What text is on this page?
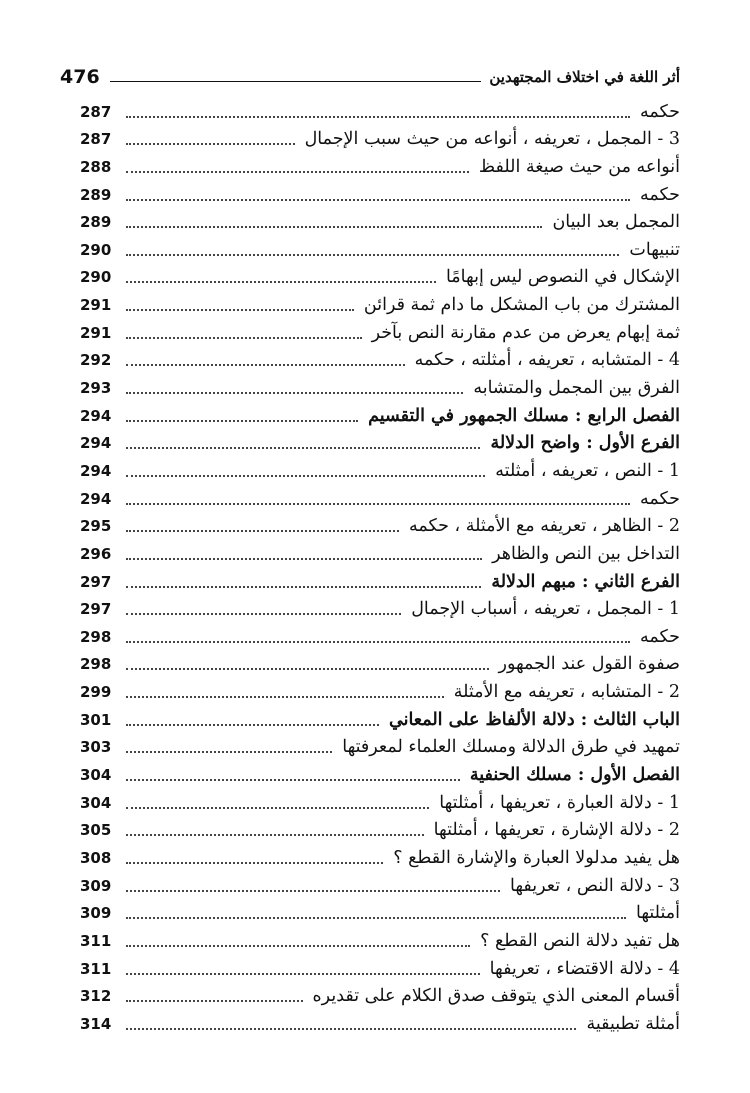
476	أثر اللغة في اختلاف المجتهدين
حكمه
287
3 - المجمل ، تعريفه ، أنواعه من حيث سبب الإجمال
287
أنواعه من حيث صيغة اللفظ
288
حكمه
289
المجمل بعد البيان
289
تنبيهات
290
الإشكال في النصوص ليس إبهامًا
290
المشترك من باب المشكل ما دام ثمة قرائن
291
ثمة إبهام يعرض من عدم مقارنة النص بآخر
291
4 - المتشابه ، تعريفه ، أمثلته ، حكمه
292
الفرق بين المجمل والمتشابه
293
الفصل الرابع : مسلك الجمهور في التقسيم
294
الفرع الأول : واضح الدلالة
294
1 - النص ، تعريفه ، أمثلته
294
حكمه
294
2 - الظاهر ، تعريفه مع الأمثلة ، حكمه
295
التداخل بين النص والظاهر
296
الفرع الثاني : مبهم الدلالة
297
1 - المجمل ، تعريفه ، أسباب الإجمال
297
حكمه
298
صفوة القول عند الجمهور
298
2 - المتشابه ، تعريفه مع الأمثلة
299
الباب الثالث : دلالة الألفاظ على المعاني
301
تمهيد في طرق الدلالة ومسلك العلماء لمعرفتها
303
الفصل الأول : مسلك الحنفية
304
1 - دلالة العبارة ، تعريفها ، أمثلتها
304
2 - دلالة الإشارة ، تعريفها ، أمثلتها
305
هل يفيد مدلولا العبارة والإشارة القطع ؟
308
3 - دلالة النص ، تعريفها
309
أمثلتها
309
هل تفيد دلالة النص القطع ؟
311
4 - دلالة الاقتضاء ، تعريفها
311
أقسام المعنى الذي يتوقف صدق الكلام على تقديره
312
أمثلة تطبيقية
314
